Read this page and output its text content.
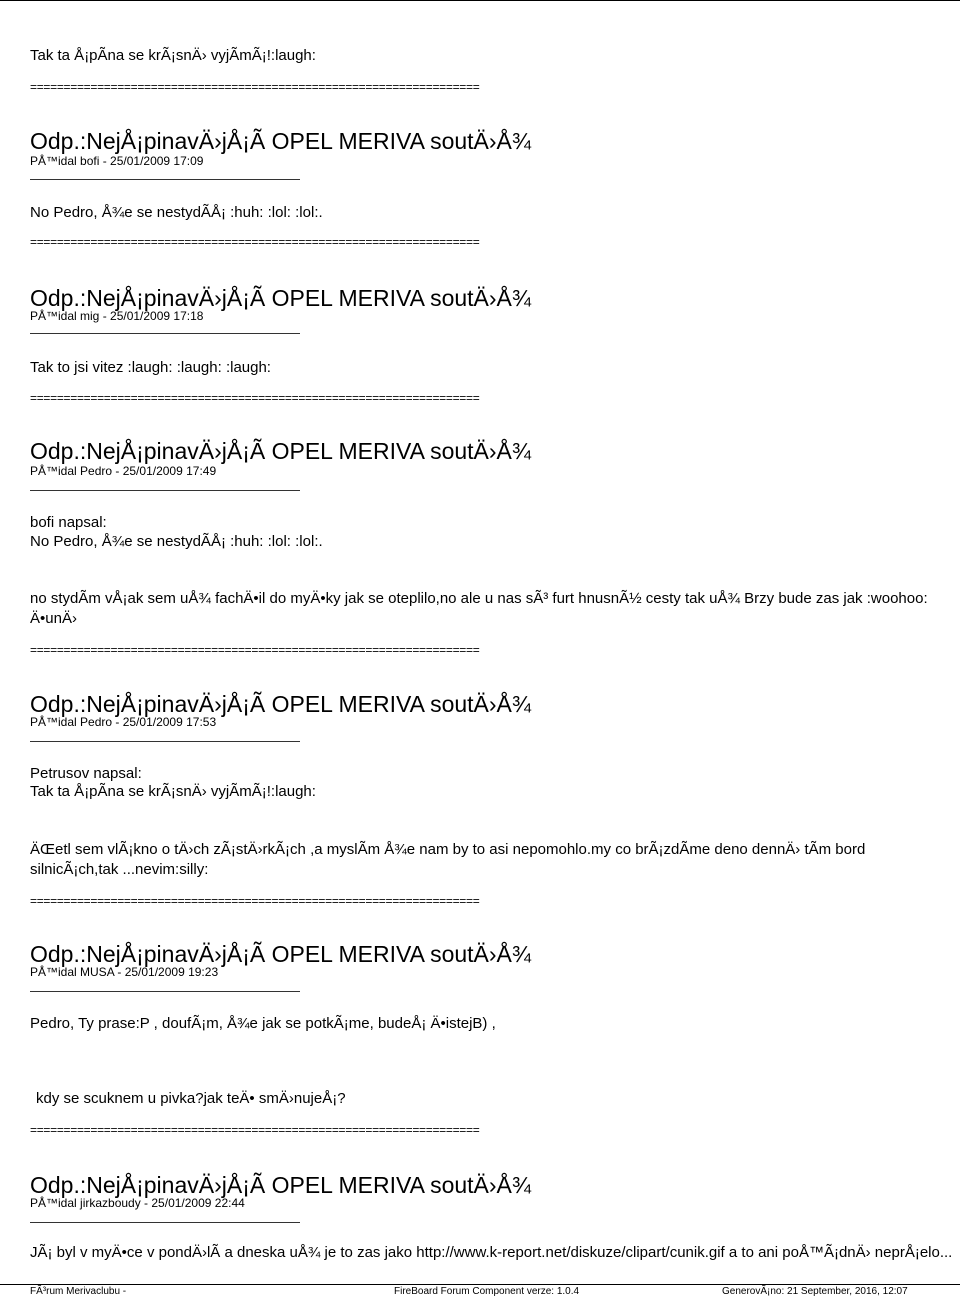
Tak ta Å¡pÃna se krÃ¡snÄ› vyjÃmÃ¡!:laugh:
===================================================================
Odp.:NejÅ¡pinavÄ›jÅ¡Ã OPEL MERIVA soutÄ›Å¾
PÅ™idal bofi - 25/01/2009 17:09
No Pedro, Å¾e se nestydÃÅ¡ :huh: :lol: :lol:.
===================================================================
Odp.:NejÅ¡pinavÄ›jÅ¡Ã OPEL MERIVA soutÄ›Å¾
PÅ™idal mig - 25/01/2009 17:18
Tak to jsi vitez :laugh: :laugh: :laugh:
===================================================================
Odp.:NejÅ¡pinavÄ›jÅ¡Ã OPEL MERIVA soutÄ›Å¾
PÅ™idal Pedro - 25/01/2009 17:49
bofi napsal:
No Pedro, Å¾e se nestydÃÅ¡ :huh: :lol: :lol:.
no stydÃm vÅ¡ak sem uÅ¾ fachÄ•il do myÄ•ky jak se oteplilo,no ale u nas sÃ³ furt hnusnÃ½ cesty tak uÅ¾ Brzy bude zas jak :woohoo: Ä•unÄ›
===================================================================
Odp.:NejÅ¡pinavÄ›jÅ¡Ã OPEL MERIVA soutÄ›Å¾
PÅ™idal Pedro - 25/01/2009 17:53
Petrusov napsal:
Tak ta Å¡pÃna se krÃ¡snÄ› vyjÃmÃ¡!:laugh:
ÄŒetl sem vlÃ¡kno o tÄ›ch zÃ¡stÄ›rkÃ¡ch ,a myslÃm Å¾e nam by to asi nepomohlo.my co brÃ¡zdÃme deno dennÄ› tÃm bord silnicÃ¡ch,tak ...nevim:silly:
===================================================================
Odp.:NejÅ¡pinavÄ›jÅ¡Ã OPEL MERIVA soutÄ›Å¾
PÅ™idal MUSA - 25/01/2009 19:23
Pedro, Ty prase:P , doufÃ¡m, Å¾e jak se potkÃ¡me, budeÅ¡ Ä•istejB) ,
kdy se scuknem u pivka?jak teÄ• smÄ›nujeÅ¡?
===================================================================
Odp.:NejÅ¡pinavÄ›jÅ¡Ã OPEL MERIVA soutÄ›Å¾
PÅ™idal jirkazboudy - 25/01/2009 22:44
JÃ¡ byl v myÄ•ce v pondÄ›lÃ a dneska uÅ¾ je to zas jako http://www.k-report.net/diskuze/clipart/cunik.gif a to ani poÅ™Ã¡dnÄ› neprÅ¡elo...
FÃ³rum Merivaclubu -	FireBoard Forum Component verze: 1.0.4	GenerovÃ¡no: 21 September, 2016, 12:07
